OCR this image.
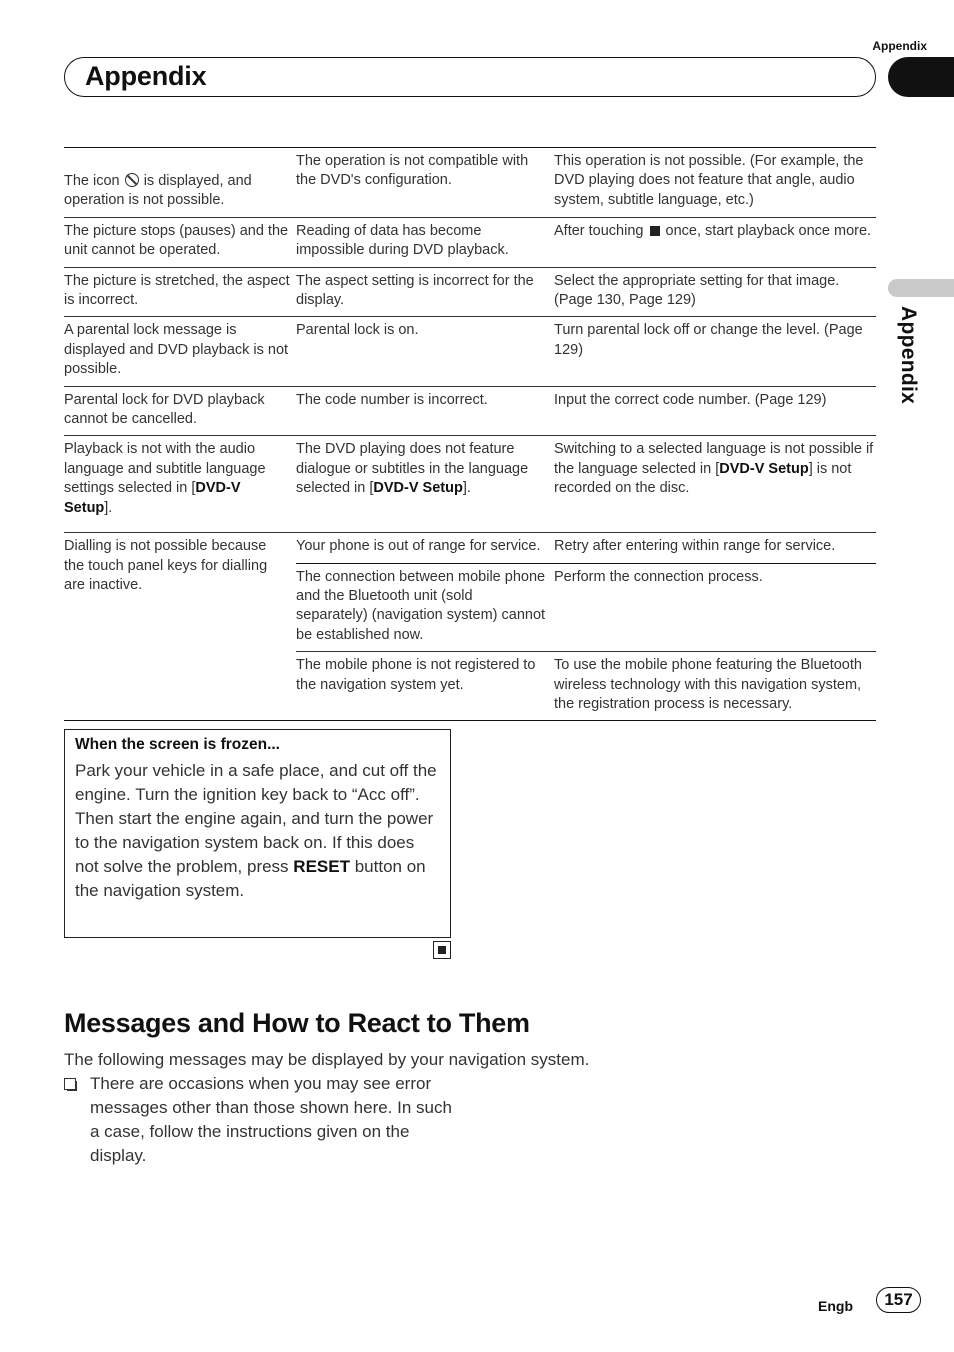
Appendix
Appendix
Appendix
The icon is displayed, and operation is not possible.	The operation is not compatible with the DVD's configuration.	This operation is not possible. (For example, the DVD playing does not feature that angle, audio system, subtitle language, etc.)
The picture stops (pauses) and the unit cannot be operated.	Reading of data has become impossible during DVD playback.	After touching once, start playback once more.
The picture is stretched, the aspect is incorrect.	The aspect setting is incorrect for the display.	Select the appropriate setting for that image. (Page 130, Page 129)
A parental lock message is displayed and DVD playback is not possible.	Parental lock is on.	Turn parental lock off or change the level. (Page 129)
Parental lock for DVD playback cannot be cancelled.	The code number is incorrect.	Input the correct code number. (Page 129)
Playback is not with the audio language and subtitle language settings selected in [DVD-V Setup].	The DVD playing does not feature dialogue or subtitles in the language selected in [DVD-V Setup].	Switching to a selected language is not possible if the language selected in [DVD-V Setup] is not recorded on the disc.
Dialling is not possible because the touch panel keys for dialling are inactive.	Your phone is out of range for service.	Retry after entering within range for service.
	The connection between mobile phone and the Bluetooth unit (sold separately) (navigation system) cannot be established now.	Perform the connection process.
	The mobile phone is not registered to the navigation system yet.	To use the mobile phone featuring the Bluetooth wireless technology with this navigation system, the registration process is necessary.
When the screen is frozen...

Park your vehicle in a safe place, and cut off the engine. Turn the ignition key back to “Acc off”. Then start the engine again, and turn the power to the navigation system back on. If this does not solve the problem, press RESET button on the navigation system.

Messages and How to React to Them

The following messages may be displayed by your navigation system.

There are occasions when you may see error messages other than those shown here. In such a case, follow the instructions given on the display.
Engb	157
